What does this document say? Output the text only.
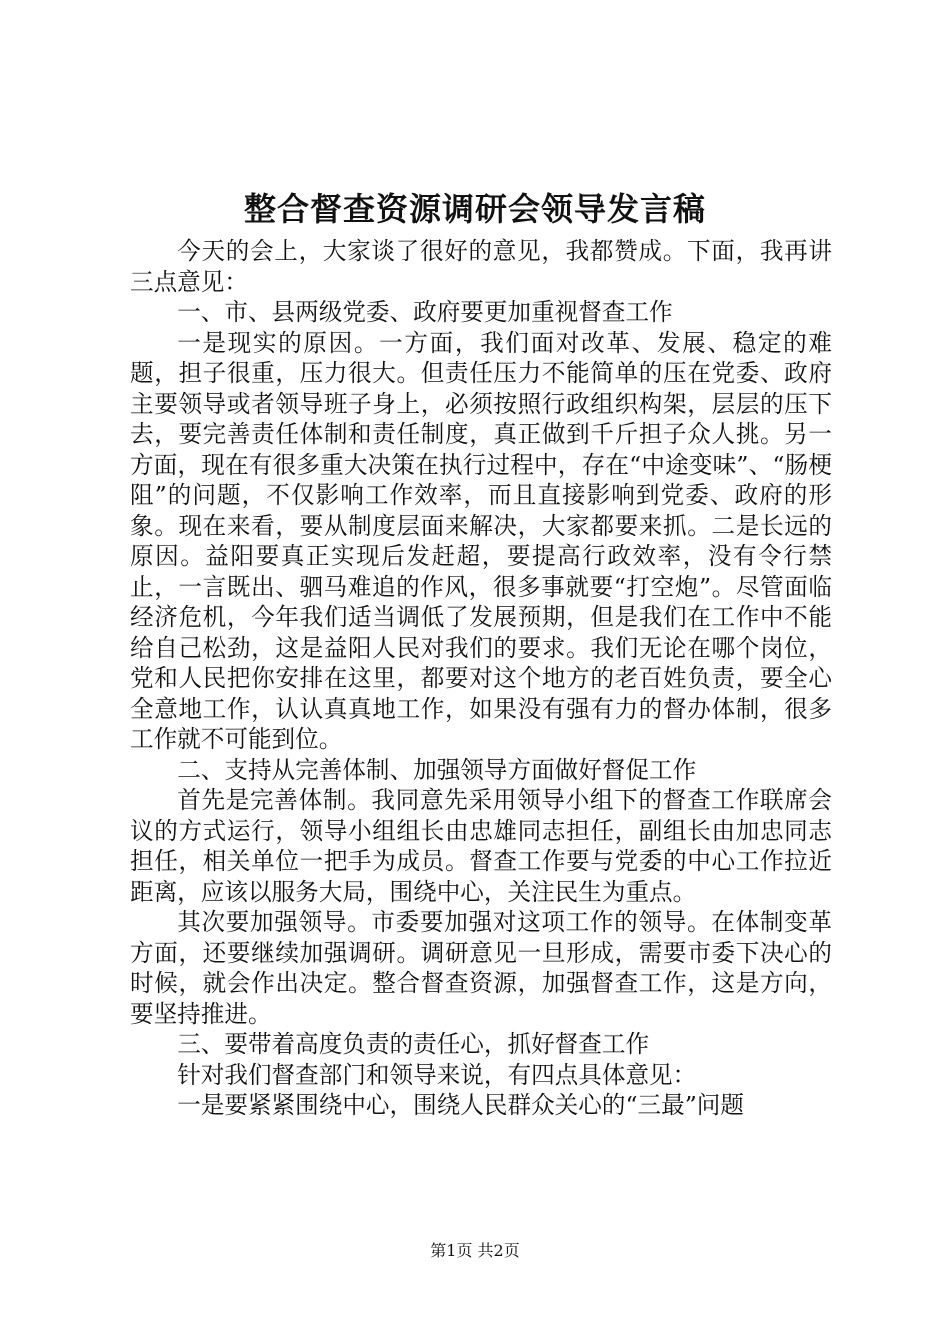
整合督查资源调研会领导发言稿

今天的会上，大家谈了很好的意见，我都赞成。下面，我再讲三点意见：

一、市、县两级党委、政府要更加重视督查工作

一是现实的原因。一方面，我们面对改革、发展、稳定的难题，担子很重，压力很大。但责任压力不能简单的压在党委、政府主要领导或者领导班子身上，必须按照行政组织构架，层层的压下去，要完善责任体制和责任制度，真正做到千斤担子众人挑。另一方面，现在有很多重大决策在执行过程中，存在“中途变味”、“肠梗阻”的问题，不仅影响工作效率，而且直接影响到党委、政府的形象。现在来看，要从制度层面来解决，大家都要来抓。二是长远的原因。益阳要真正实现后发赶超，要提高行政效率，没有令行禁止，一言既出、驷马难追的作风，很多事就要“打空炮”。尽管面临经济危机，今年我们适当调低了发展预期，但是我们在工作中不能给自己松劲，这是益阳人民对我们的要求。我们无论在哪个岗位，党和人民把你安排在这里，都要对这个地方的老百姓负责，要全心全意地工作，认认真真地工作，如果没有强有力的督办体制，很多工作就不可能到位。

二、支持从完善体制、加强领导方面做好督促工作

首先是完善体制。我同意先采用领导小组下的督查工作联席会议的方式运行，领导小组组长由忠雄同志担任，副组长由加忠同志担任，相关单位一把手为成员。督查工作要与党委的中心工作拉近距离，应该以服务大局，围绕中心，关注民生为重点。

其次要加强领导。市委要加强对这项工作的领导。在体制变革方面，还要继续加强调研。调研意见一旦形成，需要市委下决心的时候，就会作出决定。整合督查资源，加强督查工作，这是方向，要坚持推进。

三、要带着高度负责的责任心，抓好督查工作

针对我们督查部门和领导来说，有四点具体意见：

一是要紧紧围绕中心，围绕人民群众关心的“三最”问题

第1页 共2页
